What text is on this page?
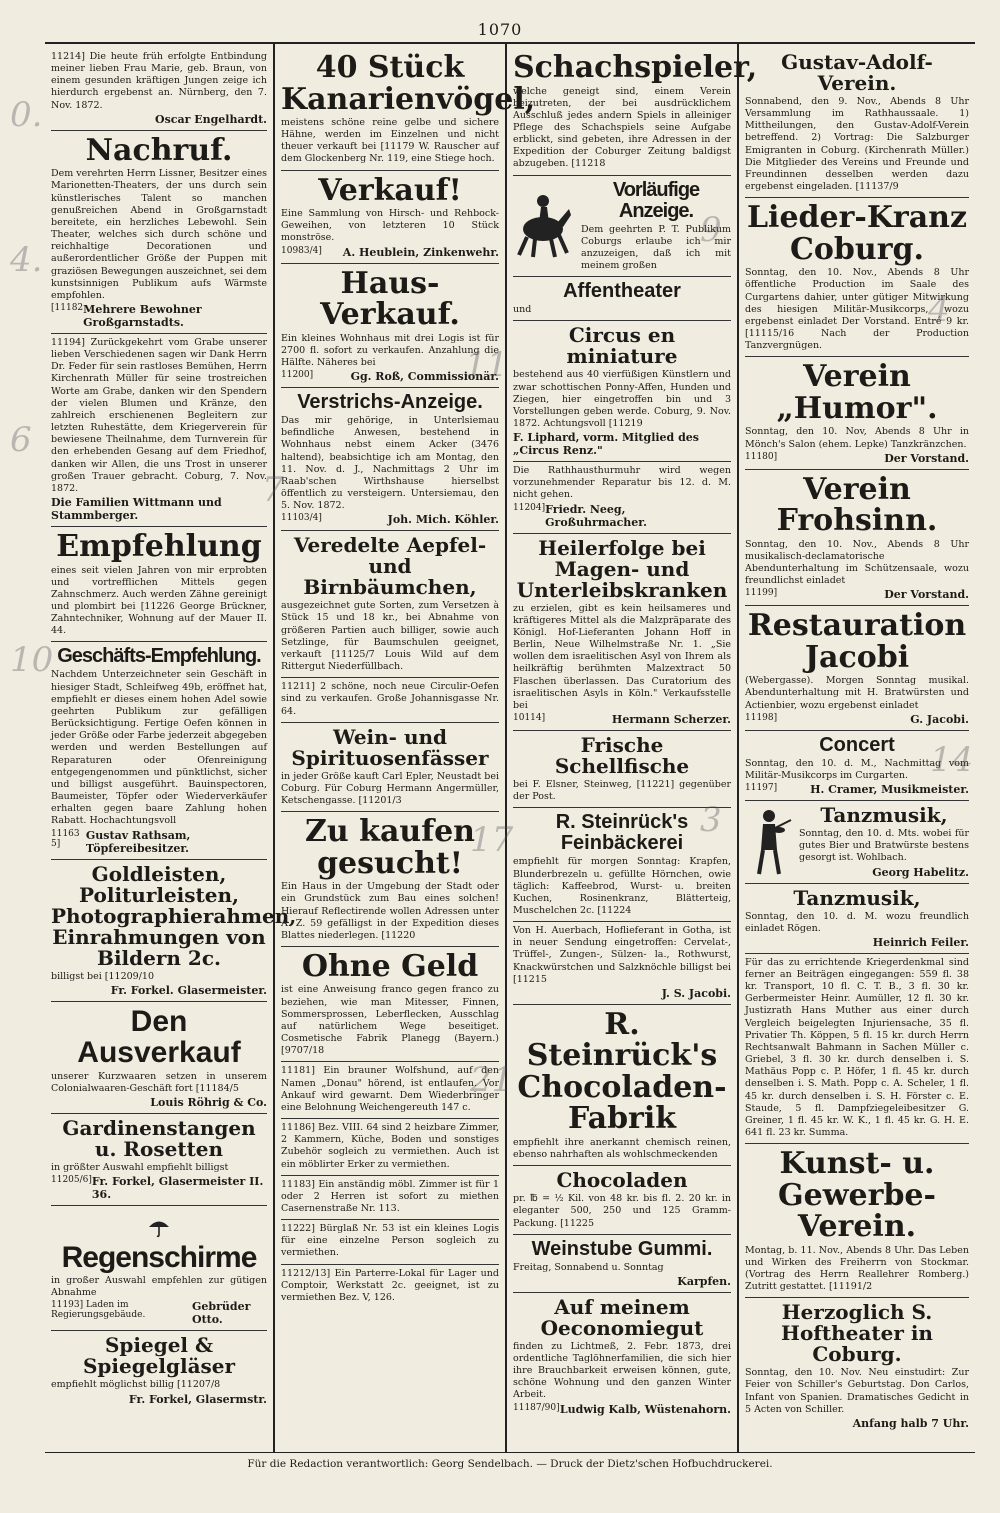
1070

11214] Die heute früh erfolgte Entbindung meiner lieben Frau Marie, geb. Braun, von einem gesunden kräftigen Jungen zeige ich hierdurch ergebenst an. Nürnberg, den 7. Nov. 1872.

Oscar Engelhardt.
Nachruf.

Dem verehrten Herrn Lissner, Besitzer eines Marionetten-Theaters, der uns durch sein künstlerisches Talent so manchen genußreichen Abend in Großgarnstadt bereitete, ein herzliches Lebewohl. Sein Theater, welches sich durch schöne und reichhaltige Decorationen und außerordentlicher Größe der Puppen mit graziösen Bewegungen auszeichnet, sei dem kunstsinnigen Publikum aufs Wärmste empfohlen.

[11182 Mehrere Bewohner Großgarnstadts.

11194] Zurückgekehrt vom Grabe unserer lieben Verschiedenen sagen wir Dank Herrn Dr. Feder für sein rastloses Bemühen, Herrn Kirchenrath Müller für seine trostreichen Worte am Grabe, danken wir den Spendern der vielen Blumen und Kränze, den zahlreich erschienenen Begleitern zur letzten Ruhestätte, dem Kriegerverein für bewiesene Theilnahme, dem Turnverein für den erhebenden Gesang auf dem Friedhof, danken wir Allen, die uns Trost in unserer großen Trauer gebracht. Coburg, 7. Nov. 1872.

Die Familien Wittmann und Stammberger.
Empfehlung

eines seit vielen Jahren von mir erprobten und vortrefflichen Mittels gegen Zahnschmerz. Auch werden Zähne gereinigt und plombirt bei [11226 George Brückner, Zahntechniker, Wohnung auf der Mauer II. 44.

Geschäfts-Empfehlung.

Nachdem Unterzeichneter sein Geschäft in hiesiger Stadt, Schleifweg 49b, eröffnet hat, empfiehlt er dieses einem hohen Adel sowie geehrten Publikum zur gefälligen Berücksichtigung. Fertige Oefen können in jeder Größe oder Farbe jederzeit abgegeben werden und werden Bestellungen auf Reparaturen oder Ofenreinigung entgegengenommen und pünktlichst, sicher und billigst ausgeführt. Bauinspectoren, Baumeister, Töpfer oder Wiederverkäufer erhalten gegen baare Zahlung hohen Rabatt. Hochachtungsvoll

11163 5]
Gustav Rathsam, Töpfereibesitzer.
Goldleisten, Politurleisten, Photographierahmen, Einrahmungen von Bildern 2c.

billigst bei [11209/10

Fr. Forkel. Glasermeister.
Den Ausverkauf

unserer Kurzwaaren setzen in unserem Colonialwaaren-Geschäft fort [11184/5

Louis Röhrig & Co.
Gardinenstangen u. Rosetten

in größter Auswahl empfiehlt billigst

11205/6] Fr. Forkel, Glasermeister II. 36.
Regenschirme

in großer Auswahl empfehlen zur gütigen Abnahme

11193] Laden im Regierungsgebäude.
Gebrüder Otto.
Spiegel & Spiegelgläser

empfiehlt möglichst billig [11207/8

Fr. Forkel, Glasermstr.
40 Stück Kanarienvögel,

meistens schöne reine gelbe und sichere Hähne, werden im Einzelnen und nicht theuer verkauft bei [11179 W. Rauscher auf dem Glockenberg Nr. 119, eine Stiege hoch.

Verkauf!

Eine Sammlung von Hirsch- und Rehbock-Geweihen, von letzteren 10 Stück monströse.

10983/4] A. Heublein, Zinkenwehr.
Haus-Verkauf.

Ein kleines Wohnhaus mit drei Logis ist für 2700 fl. sofort zu verkaufen. Anzahlung die Hälfte. Näheres bei

11200]	Gg. Roß, Commissionär.
Verstrichs-Anzeige.

Das mir gehörige, in Unterlsiemau befindliche Anwesen, bestehend in Wohnhaus nebst einem Acker (3476 haltend), beabsichtige ich am Montag, den 11. Nov. d. J., Nachmittags 2 Uhr im Raab'schen Wirthshause hierselbst öffentlich zu versteigern. Untersiemau, den 5. Nov. 1872.

11103/4]	Joh. Mich. Köhler.
Veredelte Aepfel- und Birnbäumchen,

ausgezeichnet gute Sorten, zum Versetzen à Stück 15 und 18 kr., bei Abnahme von größeren Partien auch billiger, sowie auch Setzlinge, für Baumschulen geeignet, verkauft [11125/7 Louis Wild auf dem Rittergut Niederfüllbach.

11211] 2 schöne, noch neue Circulir-Oefen sind zu verkaufen. Große Johannisgasse Nr. 64.

Wein- und Spirituosenfässer

in jeder Größe kauft Carl Epler, Neustadt bei Coburg. Für Coburg Hermann Angermüller, Ketschengasse. [11201/3

Zu kaufen gesucht!

Ein Haus in der Umgebung der Stadt oder ein Grundstück zum Bau eines solchen! Hierauf Reflectirende wollen Adressen unter A. Z. 59 gefälligst in der Expedition dieses Blattes niederlegen. [11220

Ohne Geld

ist eine Anweisung franco gegen franco zu beziehen, wie man Mitesser, Finnen, Sommersprossen, Leberflecken, Ausschlag auf natürlichem Wege beseitiget. Cosmetische Fabrik Planegg (Bayern.) [9707/18

11181] Ein brauner Wolfshund, auf den Namen „Donau" hörend, ist entlaufen. Vor Ankauf wird gewarnt. Dem Wiederbringer eine Belohnung Weichengereuth 147 c.

11186] Bez. VIII. 64 sind 2 heizbare Zimmer, 2 Kammern, Küche, Boden und sonstiges Zubehör sogleich zu vermiethen. Auch ist ein möblirter Erker zu vermiethen.

11183] Ein anständig möbl. Zimmer ist für 1 oder 2 Herren ist sofort zu miethen Casernenstraße Nr. 113.

11222] Bürglaß Nr. 53 ist ein kleines Logis für eine einzelne Person sogleich zu vermiethen.

11212/13] Ein Parterre-Lokal für Lager und Comptoir, Werkstatt 2c. geeignet, ist zu vermiethen Bez. V, 126.

Schachspieler,

welche geneigt sind, einem Verein beizutreten, der bei ausdrücklichem Ausschluß jedes andern Spiels in alleiniger Pflege des Schachspiels seine Aufgabe erblickt, sind gebeten, ihre Adressen in der Expedition der Coburger Zeitung baldigst abzugeben. [11218

Vorläufige Anzeige.

Dem geehrten P. T. Publikum Coburgs erlaube ich mir anzuzeigen, daß ich mit meinem großen

Affentheater

und

Circus en miniature

bestehend aus 40 vierfüßigen Künstlern und zwar schottischen Ponny-Affen, Hunden und Ziegen, hier eingetroffen bin und 3 Vorstellungen geben werde. Coburg, 9. Nov. 1872. Achtungsvoll [11219

F. Liphard, vorm. Mitglied des „Circus Renz."

Die Rathhausthurmuhr wird wegen vorzunehmender Reparatur bis 12. d. M. nicht gehen.

11204] Friedr. Neeg, Großuhrmacher.
Heilerfolge bei Magen- und Unterleibskranken

zu erzielen, gibt es kein heilsameres und kräftigeres Mittel als die Malzpräparate des Königl. Hof-Lieferanten Johann Hoff in Berlin, Neue Wilhelmstraße Nr. 1. „Sie wollen dem israelitischen Asyl von Ihrem als heilkräftig berühmten Malzextract 50 Flaschen überlassen. Das Curatorium des israelitischen Asyls in Köln." Verkaufsstelle bei

10114]	Hermann Scherzer.
Frische Schellfische

bei F. Elsner, Steinweg, [11221] gegenüber der Post.

R. Steinrück's Feinbäckerei

empfiehlt für morgen Sonntag: Krapfen, Blunderbrezeln u. gefüllte Hörnchen, owie täglich: Kaffeebrod, Wurst- u. breiten Kuchen, Rosinenkranz, Blätterteig, Muschelchen 2c. [11224

Von H. Auerbach, Hoflieferant in Gotha, ist in neuer Sendung eingetroffen: Cervelat-, Trüffel-, Zungen-, Sülzen- la., Rothwurst, Knackwürstchen und Salzknöchle billigst bei [11215

J. S. Jacobi.
R. Steinrück's Chocoladen-Fabrik

empfiehlt ihre anerkannt chemisch reinen, ebenso nahrhaften als wohlschmeckenden

Chocoladen

pr. ℔ = ½ Kil. von 48 kr. bis fl. 2. 20 kr. in eleganter 500, 250 und 125 Gramm-Packung. [11225

Weinstube Gummi.

Freitag, Sonnabend u. Sonntag

Karpfen.
Auf meinem Oeconomiegut

finden zu Lichtmeß, 2. Febr. 1873, drei ordentliche Taglöhnerfamilien, die sich hier ihre Brauchbarkeit erweisen können, gute, schöne Wohnung und den ganzen Winter Arbeit.

11187/90] Ludwig Kalb, Wüstenahorn.
Gustav-Adolf-Verein.

Sonnabend, den 9. Nov., Abends 8 Uhr Versammlung im Rathhaussaale. 1) Mittheilungen, den Gustav-Adolf-Verein betreffend. 2) Vortrag: Die Salzburger Emigranten in Coburg. (Kirchenrath Müller.) Die Mitglieder des Vereins und Freunde und Freundinnen desselben werden dazu ergebenst eingeladen. [11137/9

Lieder-Kranz Coburg.

Sonntag, den 10. Nov., Abends 8 Uhr öffentliche Production im Saale des Curgartens dahier, unter gütiger Mitwirkung des hiesigen Militär-Musikcorps, wozu ergebenst einladet Der Vorstand. Entré 9 kr. [11115/16 Nach der Production Tanzvergnügen.

Verein „Humor".

Sonntag, den 10. Nov, Abends 8 Uhr in Mönch's Salon (ehem. Lepke) Tanzkränzchen.

11180]	Der Vorstand.
Verein Frohsinn.

Sonntag, den 10. Nov., Abends 8 Uhr musikalisch-declamatorische Abendunterhaltung im Schützensaale, wozu freundlichst einladet

11199]	Der Vorstand.
Restauration Jacobi

(Webergasse). Morgen Sonntag musikal. Abendunterhaltung mit H. Bratwürsten und Actienbier, wozu ergebenst einladet

11198]	G. Jacobi.
Concert

Sonntag, den 10. d. M., Nachmittag vom Militär-Musikcorps im Curgarten.

11197]	H. Cramer, Musikmeister.
Tanzmusik,

Sonntag, den 10. d. Mts. wobei für gutes Bier und Bratwürste bestens gesorgt ist. Wohlbach.

Georg Habelitz.
Tanzmusik,

Sonntag, den 10. d. M. wozu freundlich einladet Rögen.

Heinrich Feiler.

Für das zu errichtende Kriegerdenkmal sind ferner an Beiträgen eingegangen: 559 fl. 38 kr. Transport, 10 fl. C. T. B., 3 fl. 30 kr. Gerbermeister Heinr. Aumüller, 12 fl. 30 kr. Justizrath Hans Muther aus einer durch Vergleich beigelegten Injuriensache, 35 fl. Privatier Th. Köppen, 5 fl. 15 kr. durch Herrn Rechtsanwalt Bahmann in Sachen Müller c. Griebel, 3 fl. 30 kr. durch denselben i. S. Mathäus Popp c. P. Höfer, 1 fl. 45 kr. durch denselben i. S. Math. Popp c. A. Scheler, 1 fl. 45 kr. durch denselben i. S. H. Förster c. E. Staude, 5 fl. Dampfziegeleibesitzer G. Greiner, 1 fl. 45 kr. W. K., 1 fl. 45 kr. G. H. E. 641 fl. 23 kr. Summa.

Kunst- u. Gewerbe-Verein.

Montag, b. 11. Nov., Abends 8 Uhr. Das Leben und Wirken des Freiherrn von Stockmar. (Vortrag des Herrn Reallehrer Romberg.) Zutritt gestattet. [11191/2

Herzoglich S. Hoftheater in Coburg.

Sonntag, den 10. Nov. Neu einstudirt: Zur Feier von Schiller's Geburtstag. Don Carlos, Infant von Spanien. Dramatisches Gedicht in 5 Acten von Schiller.

Anfang halb 7 Uhr.
Für die Redaction verantwortlich: Georg Sendelbach. — Druck der Dietz'schen Hofbuchdruckerei.
0.
4.
6
10
7
11
9
3
14
4
21
17
